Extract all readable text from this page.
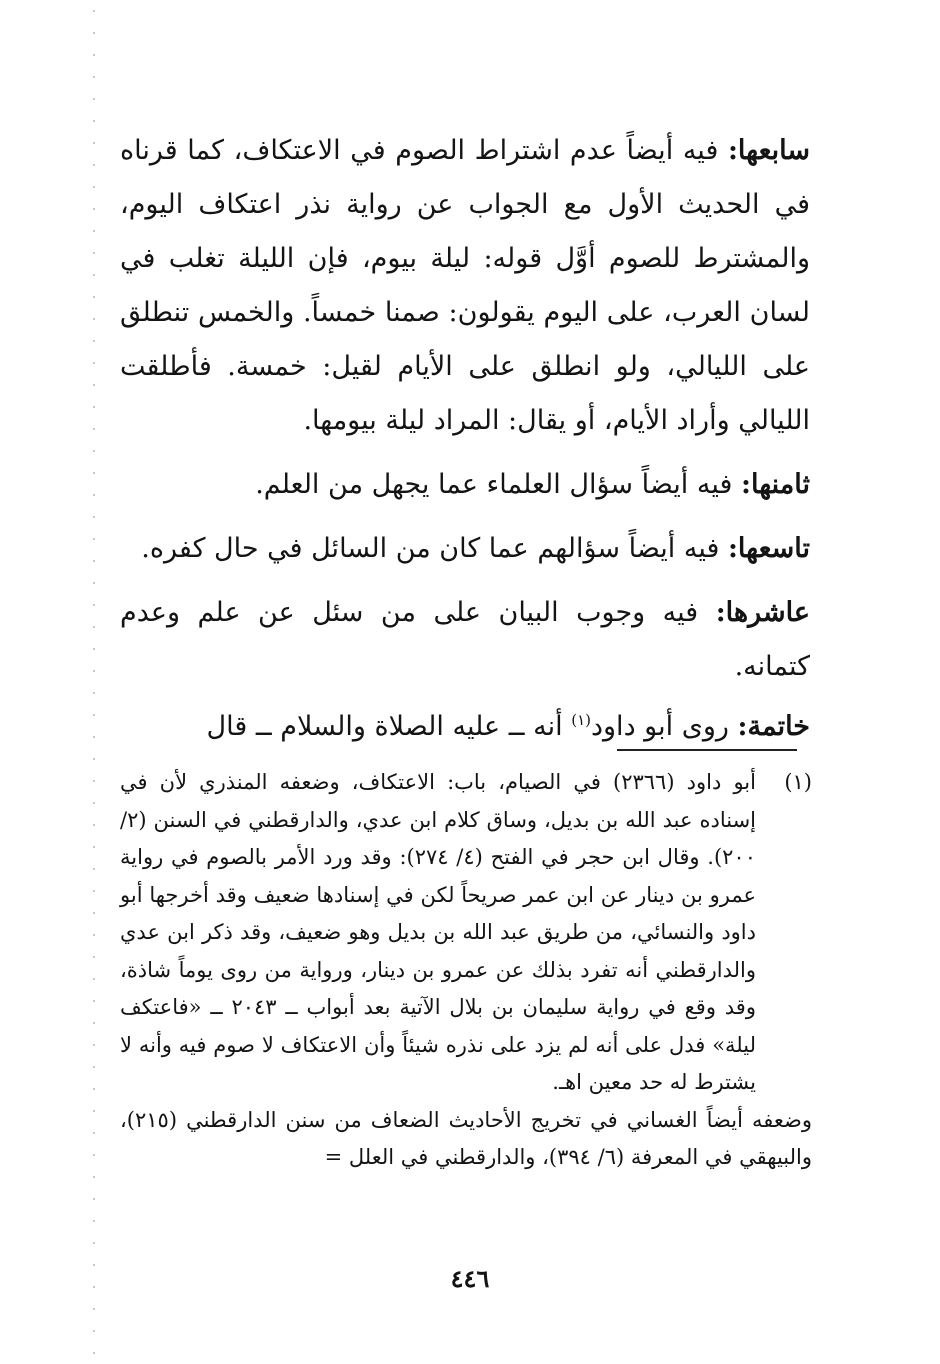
سابعها: فيه أيضاً عدم اشتراط الصوم في الاعتكاف، كما قرناه في الحديث الأول مع الجواب عن رواية نذر اعتكاف اليوم، والمشترط للصوم أوَّل قوله: ليلة بيوم، فإن الليلة تغلب في لسان العرب، على اليوم يقولون: صمنا خمساً. والخمس تنطلق على الليالي، ولو انطلق على الأيام لقيل: خمسة. فأطلقت الليالي وأراد الأيام، أو يقال: المراد ليلة بيومها.

ثامنها: فيه أيضاً سؤال العلماء عما يجهل من العلم.

تاسعها: فيه أيضاً سؤالهم عما كان من السائل في حال كفره.

عاشرها: فيه وجوب البيان على من سئل عن علم وعدم كتمانه.

خاتمة: روى أبو داود$^{(١)}$ أنه ــ عليه الصلاة والسلام ــ قال

(١)

أبو داود (٢٣٦٦) في الصيام، باب: الاعتكاف، وضعفه المنذري لأن في إسناده عبد الله بن بديل، وساق كلام ابن عدي، والدارقطني في السنن (٢/ ٢٠٠). وقال ابن حجر في الفتح (٤/ ٢٧٤): وقد ورد الأمر بالصوم في رواية عمرو بن دينار عن ابن عمر صريحاً لكن في إسنادها ضعيف وقد أخرجها أبو داود والنسائي، من طريق عبد الله بن بديل وهو ضعيف، وقد ذكر ابن عدي والدارقطني أنه تفرد بذلك عن عمرو بن دينار، ورواية من روى يوماً شاذة، وقد وقع في رواية سليمان بن بلال الآتية بعد أبواب ــ ٢٠٤٣ ــ «فاعتكف ليلة» فدل على أنه لم يزد على نذره شيئاً وأن الاعتكاف لا صوم فيه وأنه لا يشترط له حد معين اهـ.

وضعفه أيضاً الغساني في تخريج الأحاديث الضعاف من سنن الدارقطني (٢١٥)، والبيهقي في المعرفة (٦/ ٣٩٤)، والدارقطني في العلل =

٤٤٦
